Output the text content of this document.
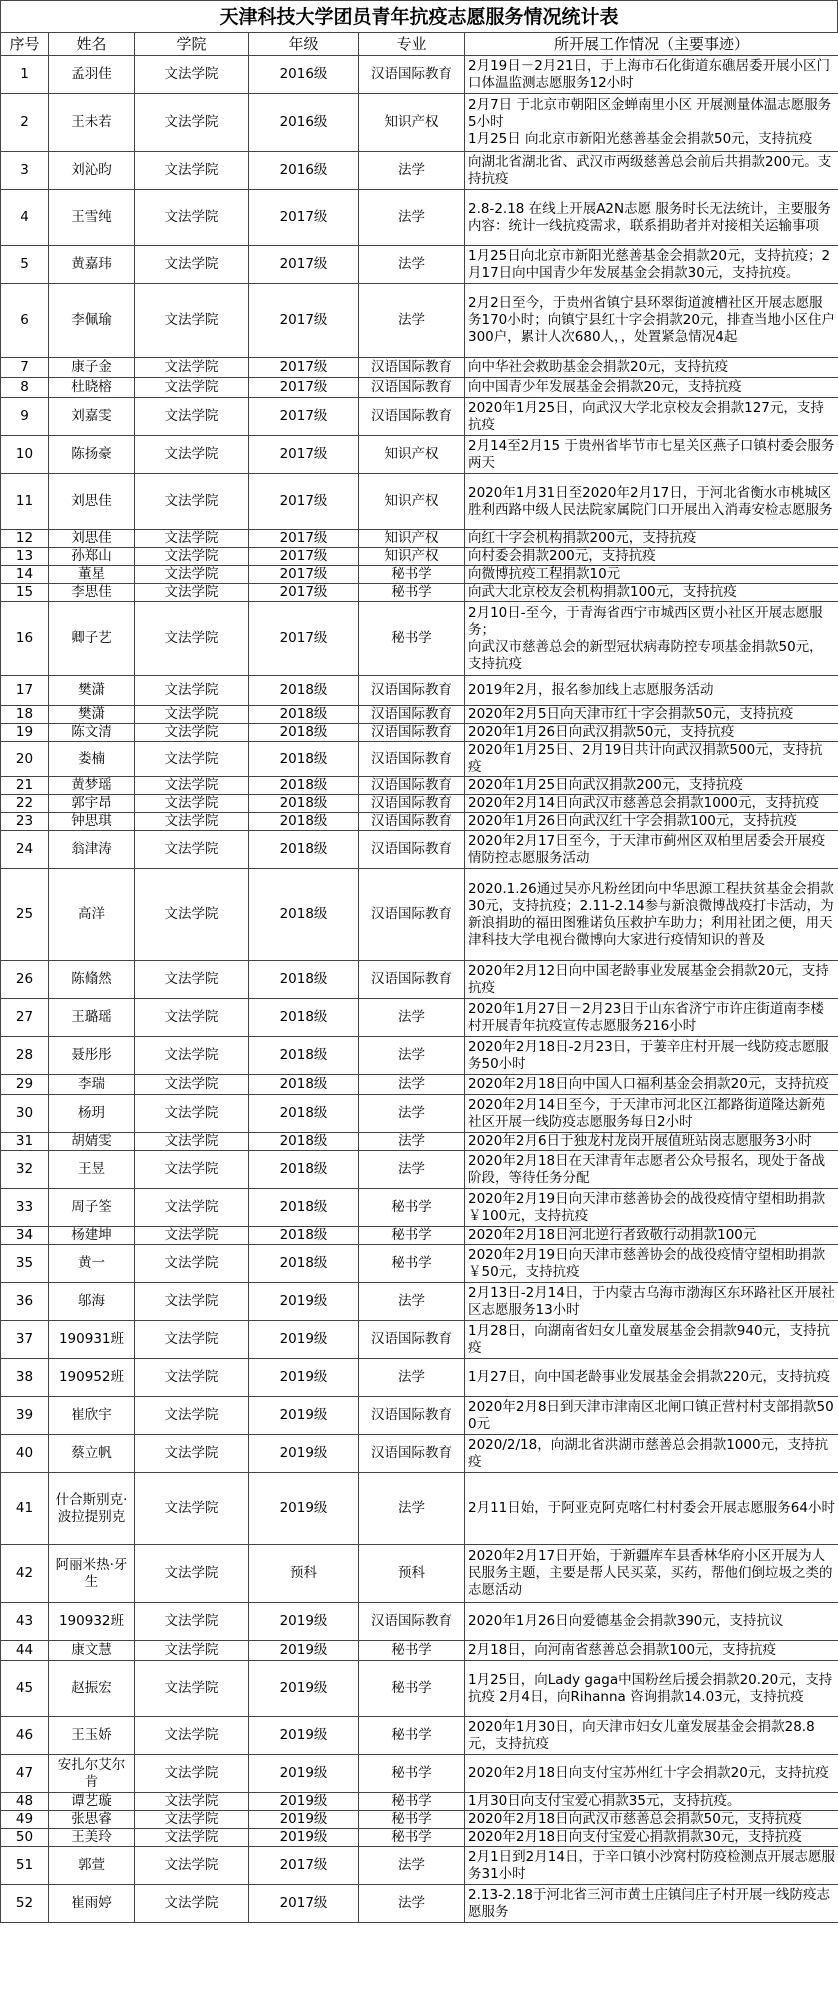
天津科技大学团员青年抗疫志愿服务情况统计表
序号	姓名	学院	年级	专业	所开展工作情况（主要事迹）
1	孟羽佳	文法学院	2016级	汉语国际教育	2月19日－2月21日，于上海市石化街道东礁居委开展小区门口体温监测志愿服务12小时
2	王未若	文法学院	2016级	知识产权	2月7日 于北京市朝阳区金蝉南里小区 开展测量体温志愿服务5小时
1月25日 向北京市新阳光慈善基金会捐款50元，支持抗疫
3	刘沁昀	文法学院	2016级	法学	向湖北省湖北省、武汉市两级慈善总会前后共捐款200元。支持抗疫
4	王雪纯	文法学院	2017级	法学	2.8-2.18 在线上开展A2N志愿 服务时长无法统计，主要服务内容：统计一线抗疫需求，联系捐助者并对接相关运输事项
5	黄嘉玮	文法学院	2017级	法学	1月25日向北京市新阳光慈善基金会捐款20元，支持抗疫；2月17日向中国青少年发展基金会捐款30元，支持抗疫。
6	李佩瑜	文法学院	2017级	法学	2月2日至今，于贵州省镇宁县环翠街道渡槽社区开展志愿服务170小时；向镇宁县红十字会捐款20元，排查当地小区住户300户，累计人次680人，，处置紧急情况4起
7	康子金	文法学院	2017级	汉语国际教育	向中华社会救助基金会捐款20元，支持抗疫
8	杜晓榕	文法学院	2017级	汉语国际教育	向中国青少年发展基金会捐款20元，支持抗疫
9	刘嘉雯	文法学院	2017级	汉语国际教育	2020年1月25日，向武汉大学北京校友会捐款127元，支持抗疫
10	陈扬豪	文法学院	2017级	知识产权	2月14至2月15 于贵州省毕节市七星关区燕子口镇村委会服务两天
11	刘思佳	文法学院	2017级	知识产权	2020年1月31日至2020年2月17日，于河北省衡水市桃城区胜利西路中级人民法院家属院门口开展出入消毒安检志愿服务
12	刘思佳	文法学院	2017级	知识产权	向红十字会机构捐款200元，支持抗疫
13	孙郑山	文法学院	2017级	知识产权	向村委会捐款200元，支持抗疫
14	董星	文法学院	2017级	秘书学	向微博抗疫工程捐款10元
15	李思佳	文法学院	2017级	秘书学	向武大北京校友会机构捐款100元，支持抗疫
16	卿子艺	文法学院	2017级	秘书学	2月10日-至今，于青海省西宁市城西区贾小社区开展志愿服务；
向武汉市慈善总会的新型冠状病毒防控专项基金捐款50元，支持抗疫
17	樊潇	文法学院	2018级	汉语国际教育	2019年2月，报名参加线上志愿服务活动
18	樊潇	文法学院	2018级	汉语国际教育	2020年2月5日向天津市红十字会捐款50元，支持抗疫
19	陈文清	文法学院	2018级	汉语国际教育	2020年1月26日向武汉捐款50元，支持抗疫
20	娄楠	文法学院	2018级	汉语国际教育	2020年1月25日、2月19日共计向武汉捐款500元，支持抗疫
21	黄梦瑶	文法学院	2018级	汉语国际教育	2020年1月25日向武汉捐款200元，支持抗疫
22	郭宇昂	文法学院	2018级	汉语国际教育	2020年2月14日向武汉市慈善总会捐款1000元，支持抗疫
23	钟思琪	文法学院	2018级	汉语国际教育	2020年1月26日向武汉红十字会捐款100元，支持抗疫
24	翁津涛	文法学院	2018级	汉语国际教育	2020年2月17日至今，于天津市蓟州区双柏里居委会开展疫情防控志愿服务活动
25	高洋	文法学院	2018级	汉语国际教育	2020.1.26通过吴亦凡粉丝团向中华思源工程扶贫基金会捐款30元，支持抗疫；2.11-2.14参与新浪微博战疫打卡活动，为新浪捐助的福田图雅诺负压救护车助力；利用社团之便，用天津科技大学电视台微博向大家进行疫情知识的普及
26	陈翛然	文法学院	2018级	汉语国际教育	2020年2月12日向中国老龄事业发展基金会捐款20元，支持抗疫
27	王璐瑶	文法学院	2018级	法学	2020年1月27日－2月23日于山东省济宁市许庄街道南李楼村开展青年抗疫宣传志愿服务216小时
28	聂彤彤	文法学院	2018级	法学	2020年2月18日-2月23日，于萋辛庄村开展一线防疫志愿服务50小时
29	李瑞	文法学院	2018级	法学	2020年2月18日向中国人口福利基金会捐款20元，支持抗疫
30	杨玥	文法学院	2018级	法学	2020年2月14日至今，于天津市河北区江都路街道隆达新苑社区开展一线防疫志愿服务每日2小时
31	胡婧雯	文法学院	2018级	法学	2020年2月6日于独龙村龙岗开展值班站岗志愿服务3小时
32	王昱	文法学院	2018级	法学	2020年2月18日在天津青年志愿者公众号报名，现处于备战阶段，等待任务分配
33	周子筌	文法学院	2018级	秘书学	2020年2月19日向天津市慈善协会的战役疫情守望相助捐款￥100元，支持抗疫
34	杨建坤	文法学院	2018级	秘书学	2020年2月18日河北逆行者致敬行动捐款100元
35	黄一	文法学院	2018级	秘书学	2020年2月19日向天津市慈善协会的战役疫情守望相助捐款￥50元，支持抗疫
36	邬海	文法学院	2019级	法学	2月13日-2月14日，于内蒙古乌海市渤海区东环路社区开展社区志愿服务13小时
37	190931班	文法学院	2019级	汉语国际教育	1月28日，向湖南省妇女儿童发展基金会捐款940元，支持抗疫
38	190952班	文法学院	2019级	法学	1月27日，向中国老龄事业发展基金会捐款220元，支持抗疫
39	崔欣宇	文法学院	2019级	汉语国际教育	2020年2月8日到天津市津南区北闸口镇正营村村支部捐款500元
40	蔡立帆	文法学院	2019级	汉语国际教育	2020/2/18，向湖北省洪湖市慈善总会捐款1000元，支持抗疫
41	什合斯别克·波拉提别克	文法学院	2019级	法学	2月11日始，于阿亚克阿克喀仁村村委会开展志愿服务64小时
42	阿丽米热·牙生	文法学院	预科	预科	2020年2月17日开始，于新疆库车县香林华府小区开展为人民服务主题，主要是帮人民买菜，买药，帮他们倒垃圾之类的志愿活动
43	190932班	文法学院	2019级	汉语国际教育	2020年1月26日向爱德基金会捐款390元，支持抗议
44	康文慧	文法学院	2019级	秘书学	2月18日，向河南省慈善总会捐款100元，支持抗疫
45	赵振宏	文法学院	2019级	秘书学	1月25日，向Lady gaga中国粉丝后援会捐款20.20元，支持抗疫 2月4日，向Rihanna 咨询捐款14.03元，支持抗疫
46	王玉娇	文法学院	2019级	秘书学	2020年1月30日，向天津市妇女儿童发展基金会捐款28.8元，支持抗疫
47	安扎尔艾尔肯	文法学院	2019级	秘书学	2020年2月18日向支付宝苏州红十字会捐款20元，支持抗疫
48	谭艺璇	文法学院	2019级	秘书学	1月30日向支付宝爱心捐款35元，支持抗疫。
49	张思睿	文法学院	2019级	秘书学	2020年2月18日向武汉市慈善总会捐款50元，支持抗疫
50	王美玲	文法学院	2019级	秘书学	2020年2月18日向支付宝爱心捐款捐款30元，支持抗疫
51	郭萱	文法学院	2017级	法学	2月1日到2月14日，于辛口镇小沙窝村防疫检测点开展志愿服务31小时
52	崔雨婷	文法学院	2017级	法学	2.13-2.18于河北省三河市黄土庄镇闫庄子村开展一线防疫志愿服务
